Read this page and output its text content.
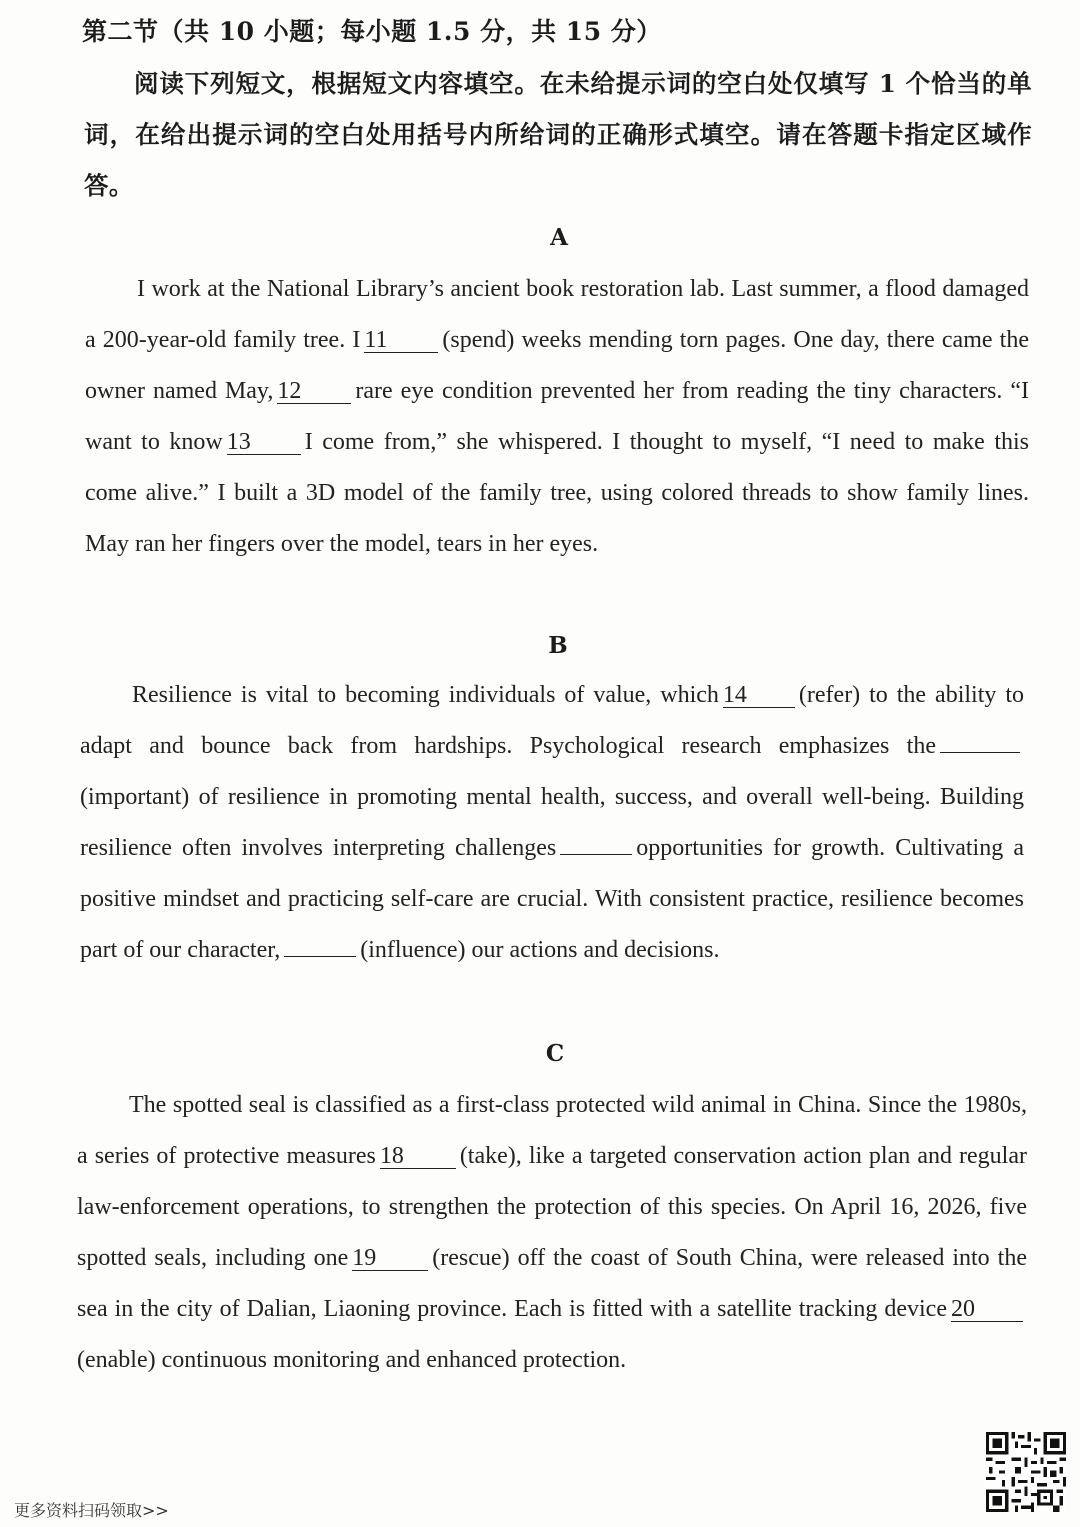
第二节（共 10 小题；每小题 1.5 分，共 15 分）
阅读下列短文，根据短文内容填空。在未给提示词的空白处仅填写 1 个恰当的单词，在给出提示词的空白处用括号内所给词的正确形式填空。请在答题卡指定区域作答。
A
I work at the National Library’s ancient book restoration lab. Last summer, a flood damaged a 200-year-old family tree. I 11 (spend) weeks mending torn pages. One day, there came the owner named May, 12 rare eye condition prevented her from reading the tiny characters. “I want to know 13 I come from,” she whispered. I thought to myself, “I need to make this come alive.” I built a 3D model of the family tree, using colored threads to show family lines. May ran her fingers over the model, tears in her eyes.
B
Resilience is vital to becoming individuals of value, which 14 (refer) to the ability to adapt and bounce back from hardships. Psychological research emphasizes the(important) of resilience in promoting mental health, success, and overall well-being. Building resilience often involves interpreting challenges	opportunities for growth. Cultivating a positive mindset and practicing self-care are crucial. With consistent practice, resilience becomes part of our character,	(influence) our actions and decisions.
C
The spotted seal is classified as a first-class protected wild animal in China. Since the 1980s, a series of protective measures 18 (take), like a targeted conservation action plan and regular law-enforcement operations, to strengthen the protection of this species. On April 16, 2026, five spotted seals, including one 19 (rescue) off the coast of South China, were released into the sea in the city of Dalian, Liaoning province. Each is fitted with a satellite tracking device 20(enable) continuous monitoring and enhanced protection.
更多资料扫码领取>>
